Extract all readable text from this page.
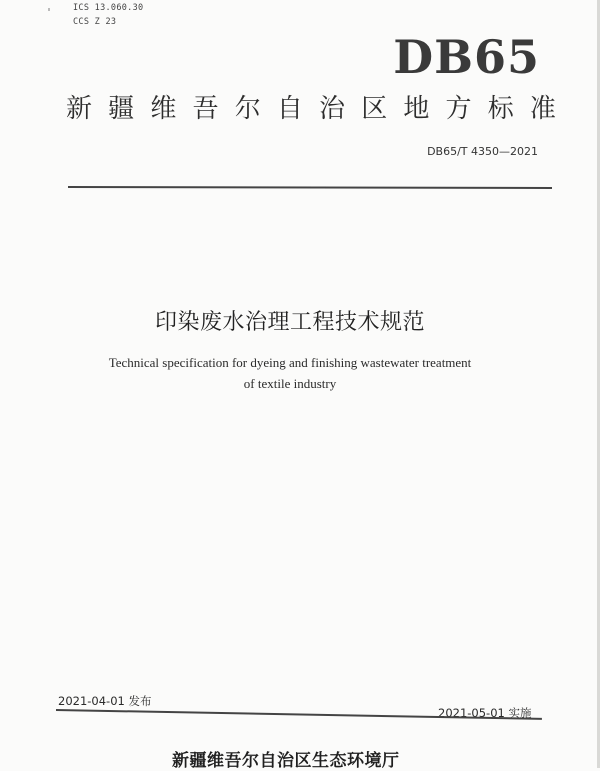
ICS 13.060.30
CCS Z 23
DB65
新 疆 维 吾 尔 自 治 区 地 方 标 准
DB65/T 4350—2021
印染废水治理工程技术规范
Technical specification for dyeing and finishing wastewater treatment
of textile industry
2021-04-01 发布
2021-05-01 实施
新疆维吾尔自治区生态环境厅
